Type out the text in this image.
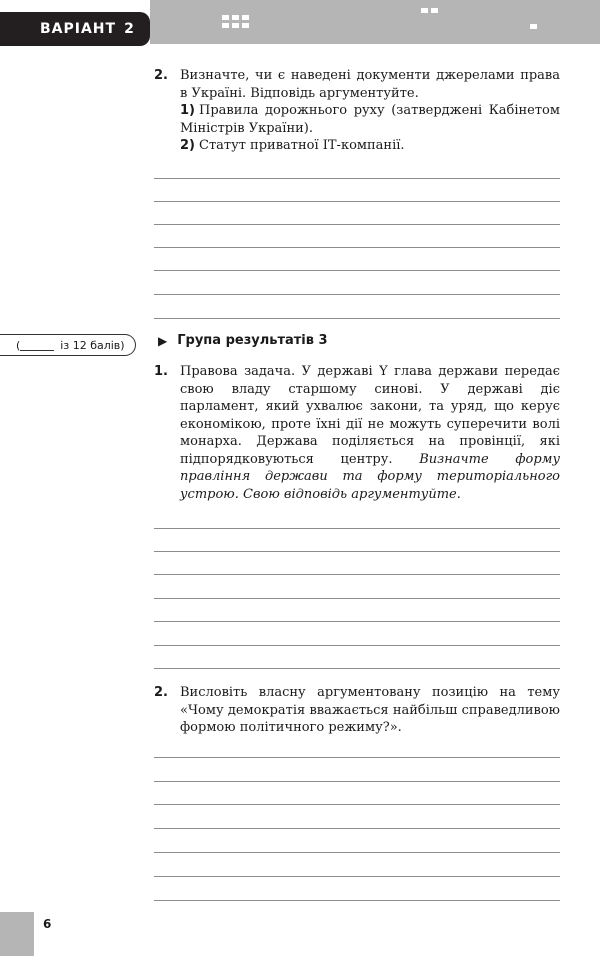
ВАРІАНТ 2
2. Визначте, чи є наведені документи джерелами права в Україні. Відповідь аргументуйте.
1) Правила дорожнього руху (затверджені Кабінетом Міністрів України).
2) Статут приватної ІТ-компанії.
(	із 12 балів)	▶ Група результатів 3
1. Правова задача. У державі Y глава держави передає свою владу старшому синові. У державі діє парламент, який ухвалює закони, та уряд, що керує економікою, проте їхні дії не можуть суперечити волі монарха. Держава поділяється на провінції, які підпорядковуються центру. Визначте форму правління держави та форму територіального устрою. Свою відповідь аргументуйте.
2. Висловіть власну аргументовану позицію на тему «Чому демократія вважається найбільш справедливою формою політичного режиму?».
6
